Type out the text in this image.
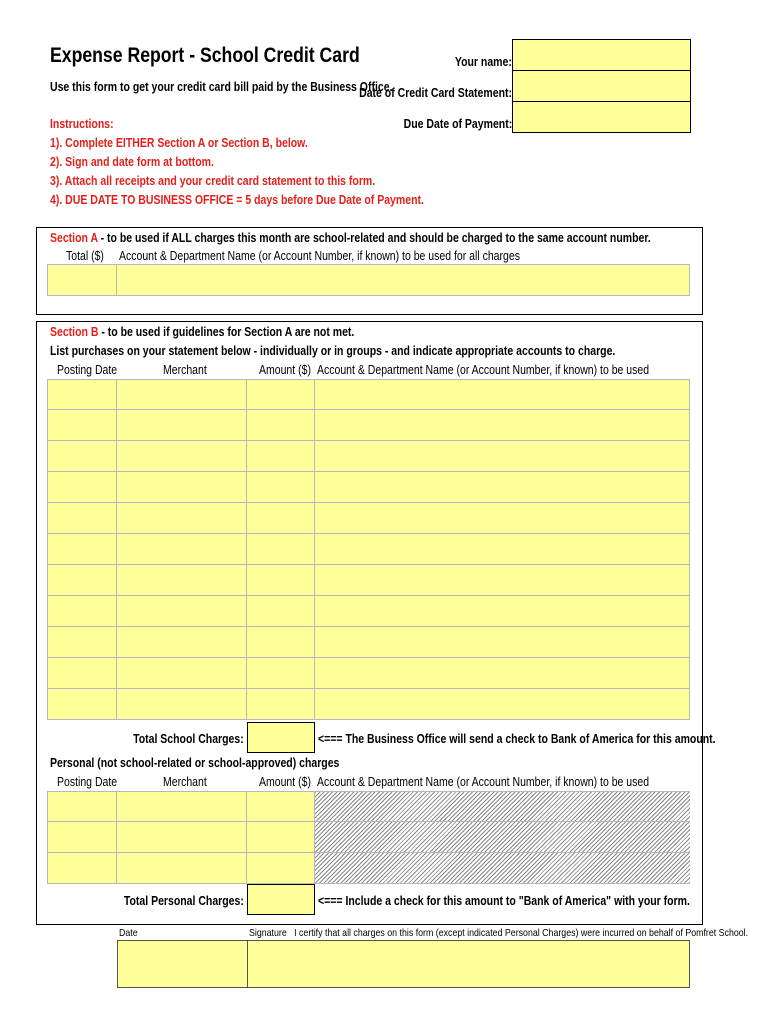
Expense Report - School Credit Card
Use this form to get your credit card bill paid by the Business Office.
Your name:
Date of Credit Card Statement:
Due Date of Payment:
Instructions:
1). Complete EITHER Section A or Section B, below.
2). Sign and date form at bottom.
3). Attach all receipts and your credit card statement to this form.
4). DUE DATE TO BUSINESS OFFICE = 5 days before Due Date of Payment.
Section A - to be used if ALL charges this month are school-related and should be charged to the same account number.
Total ($) Account & Department Name (or Account Number, if known) to be used for all charges
Section B - to be used if guidelines for Section A are not met.
List purchases on your statement below - individually or in groups - and indicate appropriate accounts to charge.
Posting Date	Merchant	Amount ($) Account & Department Name (or Account Number, if known) to be used
Total School Charges:	<=== The Business Office will send a check to Bank of America for this amount.
Personal (not school-related or school-approved) charges
Posting Date	Merchant	Amount ($) Account & Department Name (or Account Number, if known) to be used
Total Personal Charges:	<=== Include a check for this amount to "Bank of America" with your form.
Date	Signature I certify that all charges on this form (except indicated Personal Charges) were incurred on behalf of Pomfret School.
